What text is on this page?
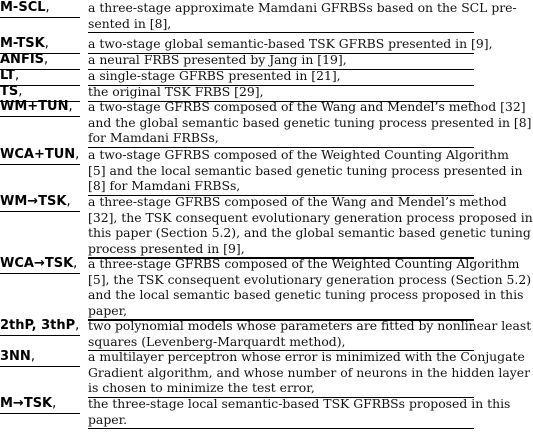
M-SCL,	a three-stage approximate Mamdani GFRBSs based on the SCL pre-
sented in [8],
M-TSK,	a two-stage global semantic-based TSK GFRBS presented in [9],
ANFIS,	a neural FRBS presented by Jang in [19],
LT,	a single-stage GFRBS presented in [21],
TS,	the original TSK FRBS [29],
WM+TUN, a two-stage GFRBS composed of the Wang and Mendel’s method [32]
and the global semantic based genetic tuning process presented in [8]
for Mamdani FRBSs,
WCA+TUN, a two-stage GFRBS composed of the Weighted Counting Algorithm
[5] and the local semantic based genetic tuning process presented in
[8] for Mamdani FRBSs,
WM→TSK, a three-stage GFRBS composed of the Wang and Mendel’s method
[32], the TSK consequent evolutionary generation process proposed in
this paper (Section 5.2), and the global semantic based genetic tuning
process presented in [9],
WCA→TSK, a three-stage GFRBS composed of the Weighted Counting Algorithm
[5], the TSK consequent evolutionary generation process (Section 5.2)
and the local semantic based genetic tuning process proposed in this
paper,
2thP, 3thP, two polynomial models whose parameters are fitted by nonlinear least
squares (Levenberg-Marquardt method),
3NN,	a multilayer perceptron whose error is minimized with the Conjugate
Gradient algorithm, and whose number of neurons in the hidden layer
is chosen to minimize the test error,
M→TSK,	the three-stage local semantic-based TSK GFRBSs proposed in this
paper.
